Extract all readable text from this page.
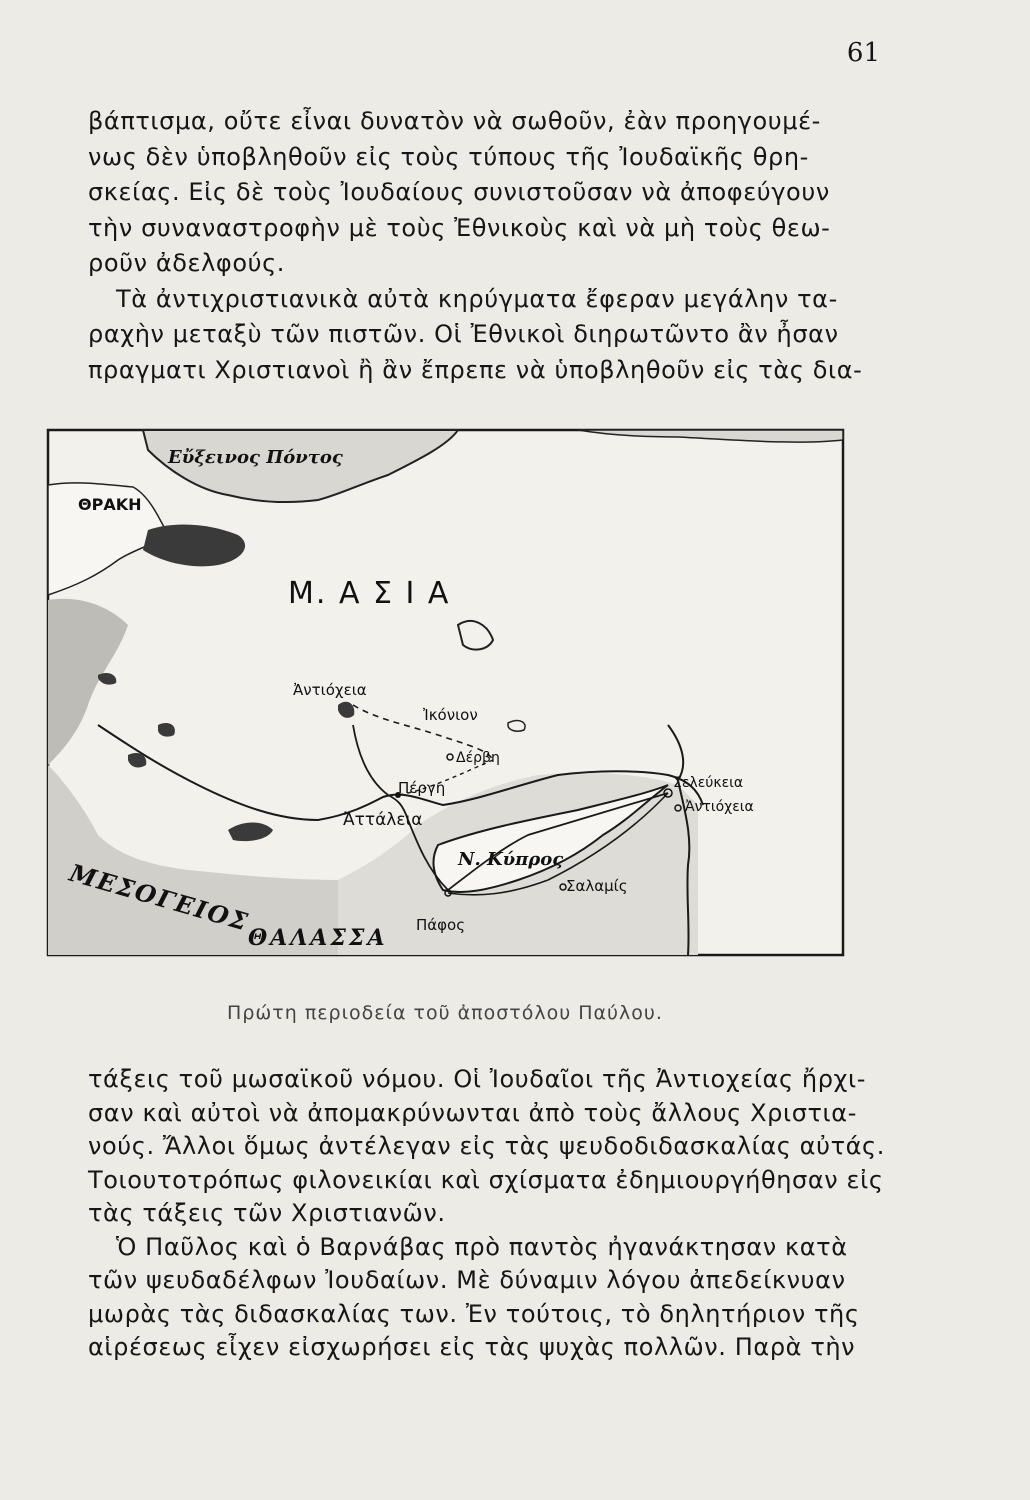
61

βάπτισμα, οὔτε εἶναι δυνατὸν νὰ σωθοῦν, ἐὰν προηγουμέ-
νως δὲν ὑποβληθοῦν εἰς τοὺς τύπους τῆς Ἰουδαϊκῆς θρη-
σκείας. Εἰς δὲ τοὺς Ἰουδαίους συνιστοῦσαν νὰ ἀποφεύγουν
τὴν συναναστροφὴν μὲ τοὺς Ἐθνικοὺς καὶ νὰ μὴ τοὺς θεω-
ροῦν ἀδελφούς.

Τὰ ἀντιχριστιανικὰ αὐτὰ κηρύγματα ἔφεραν μεγάλην τα-
ραχὴν μεταξὺ τῶν πιστῶν. Οἱ Ἐθνικοὶ διηρωτῶντο ἂν ἦσαν
πραγματι Χριστιανοὶ ἢ ἂν ἔπρεπε νὰ ὑποβληθοῦν εἰς τὰς δια-

Εὔξεινος Πόντος
ΘΡΑΚΗ
Μ. Α Σ Ι Α
Ἀντιόχεια
Ἰκόνιον
Δέρβη
Πέργη
Ἀττάλεια
Ν. Κύπρος
Σαλαμίς
Πάφος
Σελεύκεια
Ἀντιόχεια
ΜΕΣΟΓΕΙΟΣ
ΘΑΛΑΣΣΑ
Πρώτη περιοδεία τοῦ ἀποστόλου Παύλου.

τάξεις τοῦ μωσαϊκοῦ νόμου. Οἱ Ἰουδαῖοι τῆς Ἀντιοχείας ἤρχι-
σαν καὶ αὐτοὶ νὰ ἀπομακρύνωνται ἀπὸ τοὺς ἄλλους Χριστια-
νούς. Ἄλλοι ὅμως ἀντέλεγαν εἰς τὰς ψευδοδιδασκαλίας αὐτάς.
Τοιουτοτρόπως φιλονεικίαι καὶ σχίσματα ἐδημιουργήθησαν εἰς
τὰς τάξεις τῶν Χριστιανῶν.

Ὁ Παῦλος καὶ ὁ Βαρνάβας πρὸ παντὸς ἠγανάκτησαν κατὰ
τῶν ψευδαδέλφων Ἰουδαίων. Μὲ δύναμιν λόγου ἀπεδείκνυαν
μωρὰς τὰς διδασκαλίας των. Ἐν τούτοις, τὸ δηλητήριον τῆς
αἱρέσεως εἶχεν εἰσχωρήσει εἰς τὰς ψυχὰς πολλῶν. Παρὰ τὴν
